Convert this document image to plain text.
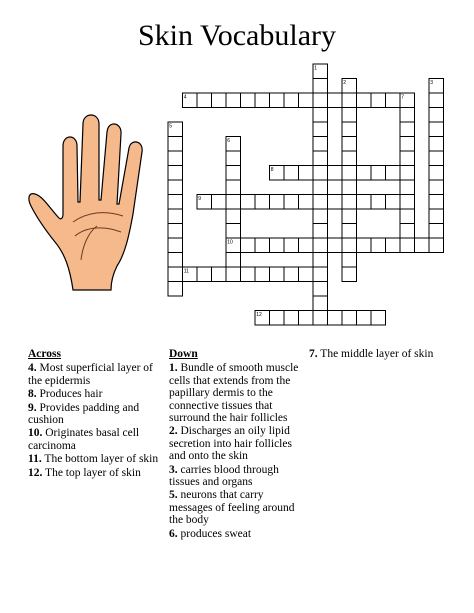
Skin Vocabulary
1
2	3
4
5
6
7
8
9
10
11
12
Across
4. Most superficial layer of the epidermis
8. Produces hair
9. Provides padding and cushion
10. Originates basal cell carcinoma
11. The bottom layer of skin
12. The top layer of skin
Down
1. Bundle of smooth muscle cells that extends from the papillary dermis to the connective tissues that surround the hair follicles
2. Discharges an oily lipid secretion into hair follicles and onto the skin
3. carries blood through tissues and organs
5. neurons that carry messages of feeling around the body
6. produces sweat
7. The middle layer of skin
